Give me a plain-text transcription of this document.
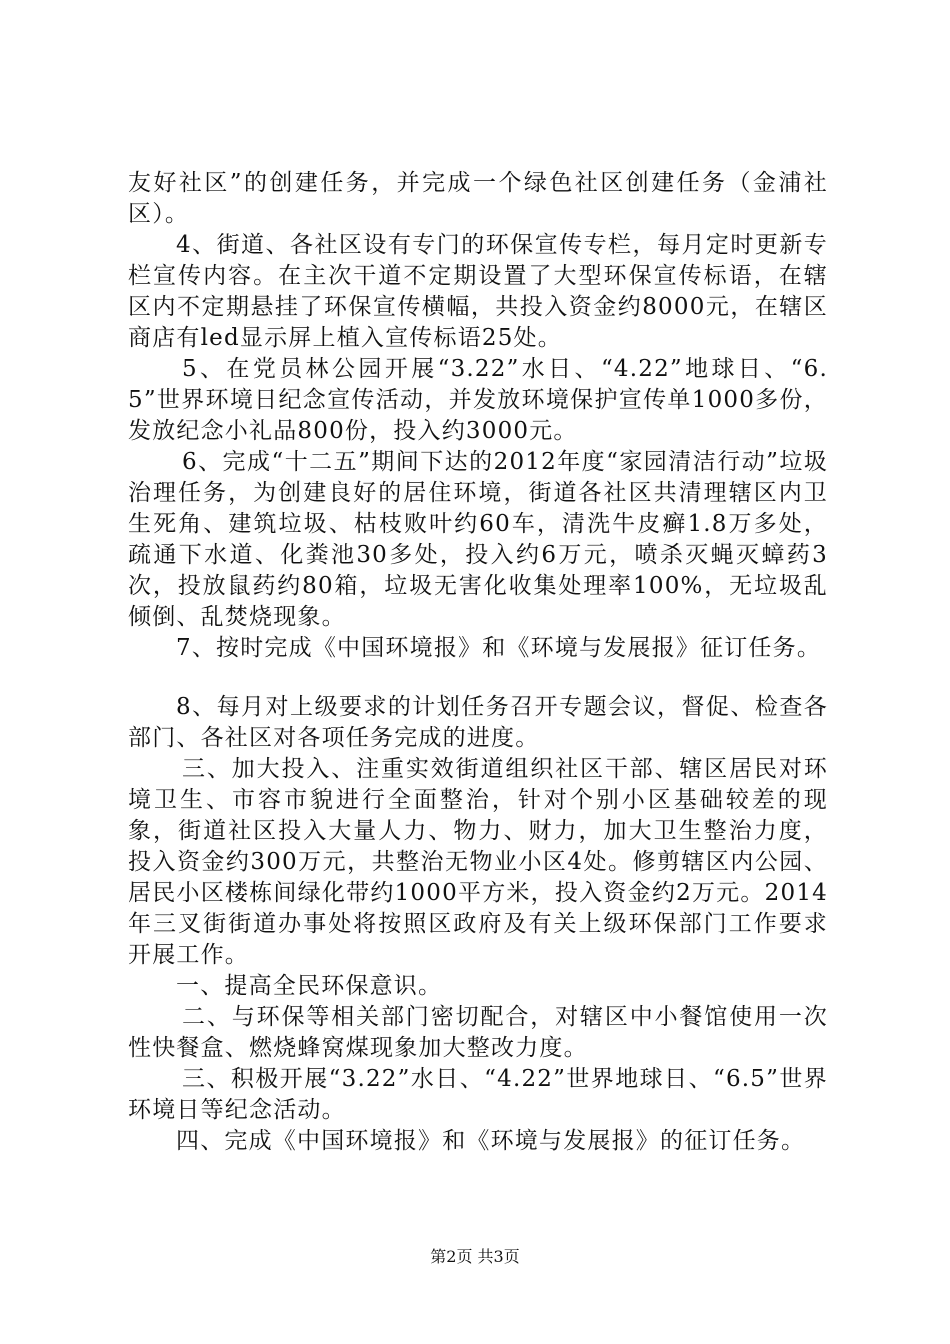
友好社区”的创建任务，并完成一个绿色社区创建任务（金浦社区）。

4、街道、各社区设有专门的环保宣传专栏，每月定时更新专栏宣传内容。在主次干道不定期设置了大型环保宣传标语，在辖区内不定期悬挂了环保宣传横幅，共投入资金约8000元，在辖区商店有led显示屏上植入宣传标语25处。

5、在党员林公园开展“3.22”水日、“4.22”地球日、“6.5”世界环境日纪念宣传活动，并发放环境保护宣传单1000多份，发放纪念小礼品800份，投入约3000元。

6、完成“十二五”期间下达的2012年度“家园清洁行动”垃圾治理任务，为创建良好的居住环境，街道各社区共清理辖区内卫生死角、建筑垃圾、枯枝败叶约60车，清洗牛皮癣1.8万多处，疏通下水道、化粪池30多处，投入约6万元，喷杀灭蝇灭蟑药3次，投放鼠药约80箱，垃圾无害化收集处理率100%，无垃圾乱倾倒、乱焚烧现象。

7、按时完成《中国环境报》和《环境与发展报》征订任务。

8、每月对上级要求的计划任务召开专题会议，督促、检查各部门、各社区对各项任务完成的进度。

三、加大投入、注重实效街道组织社区干部、辖区居民对环境卫生、市容市貌进行全面整治，针对个别小区基础较差的现象，街道社区投入大量人力、物力、财力，加大卫生整治力度，投入资金约300万元，共整治无物业小区4处。修剪辖区内公园、居民小区楼栋间绿化带约1000平方米，投入资金约2万元。2014年三叉街街道办事处将按照区政府及有关上级环保部门工作要求开展工作。

一、提高全民环保意识。

二、与环保等相关部门密切配合，对辖区中小餐馆使用一次性快餐盒、燃烧蜂窝煤现象加大整改力度。

三、积极开展“3.22”水日、“4.22”世界地球日、“6.5”世界环境日等纪念活动。

四、完成《中国环境报》和《环境与发展报》的征订任务。

第2页 共3页
